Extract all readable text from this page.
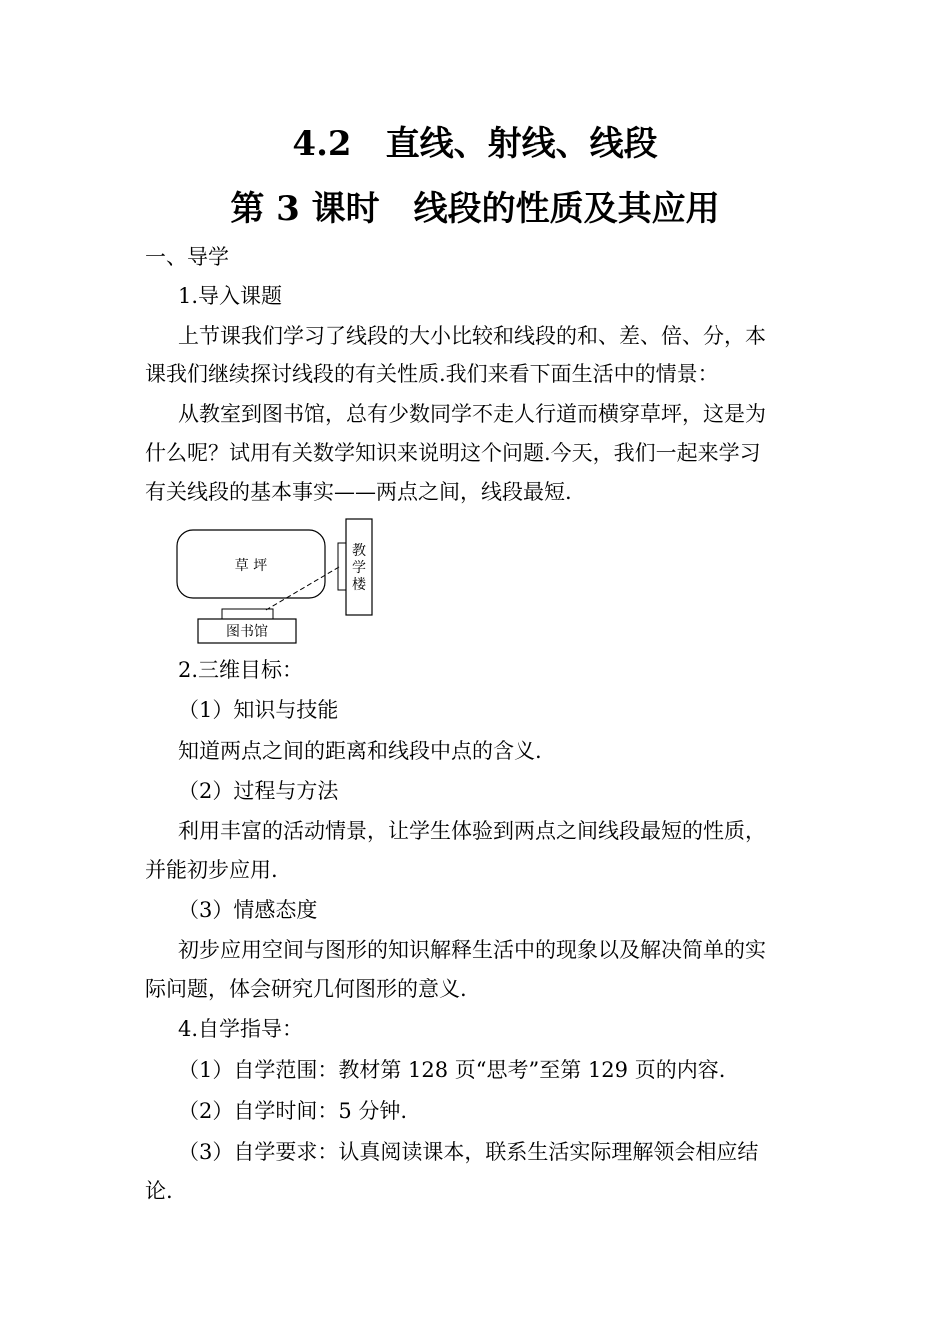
4.2　直线、射线、线段
第 3 课时　线段的性质及其应用
一、导学
1.导入课题
上节课我们学习了线段的大小比较和线段的和、差、倍、分，本
课我们继续探讨线段的有关性质.我们来看下面生活中的情景：
从教室到图书馆，总有少数同学不走人行道而横穿草坪，这是为
什么呢？试用有关数学知识来说明这个问题.今天，我们一起来学习
有关线段的基本事实——两点之间，线段最短.
草 坪
教
学
楼
图书馆
2.三维目标：
（1）知识与技能
知道两点之间的距离和线段中点的含义.
（2）过程与方法
利用丰富的活动情景，让学生体验到两点之间线段最短的性质，
并能初步应用.
（3）情感态度
初步应用空间与图形的知识解释生活中的现象以及解决简单的实
际问题，体会研究几何图形的意义.
4.自学指导：
（1）自学范围：教材第 128 页“思考”至第 129 页的内容.
（2）自学时间：5 分钟.
（3）自学要求：认真阅读课本，联系生活实际理解领会相应结
论.
